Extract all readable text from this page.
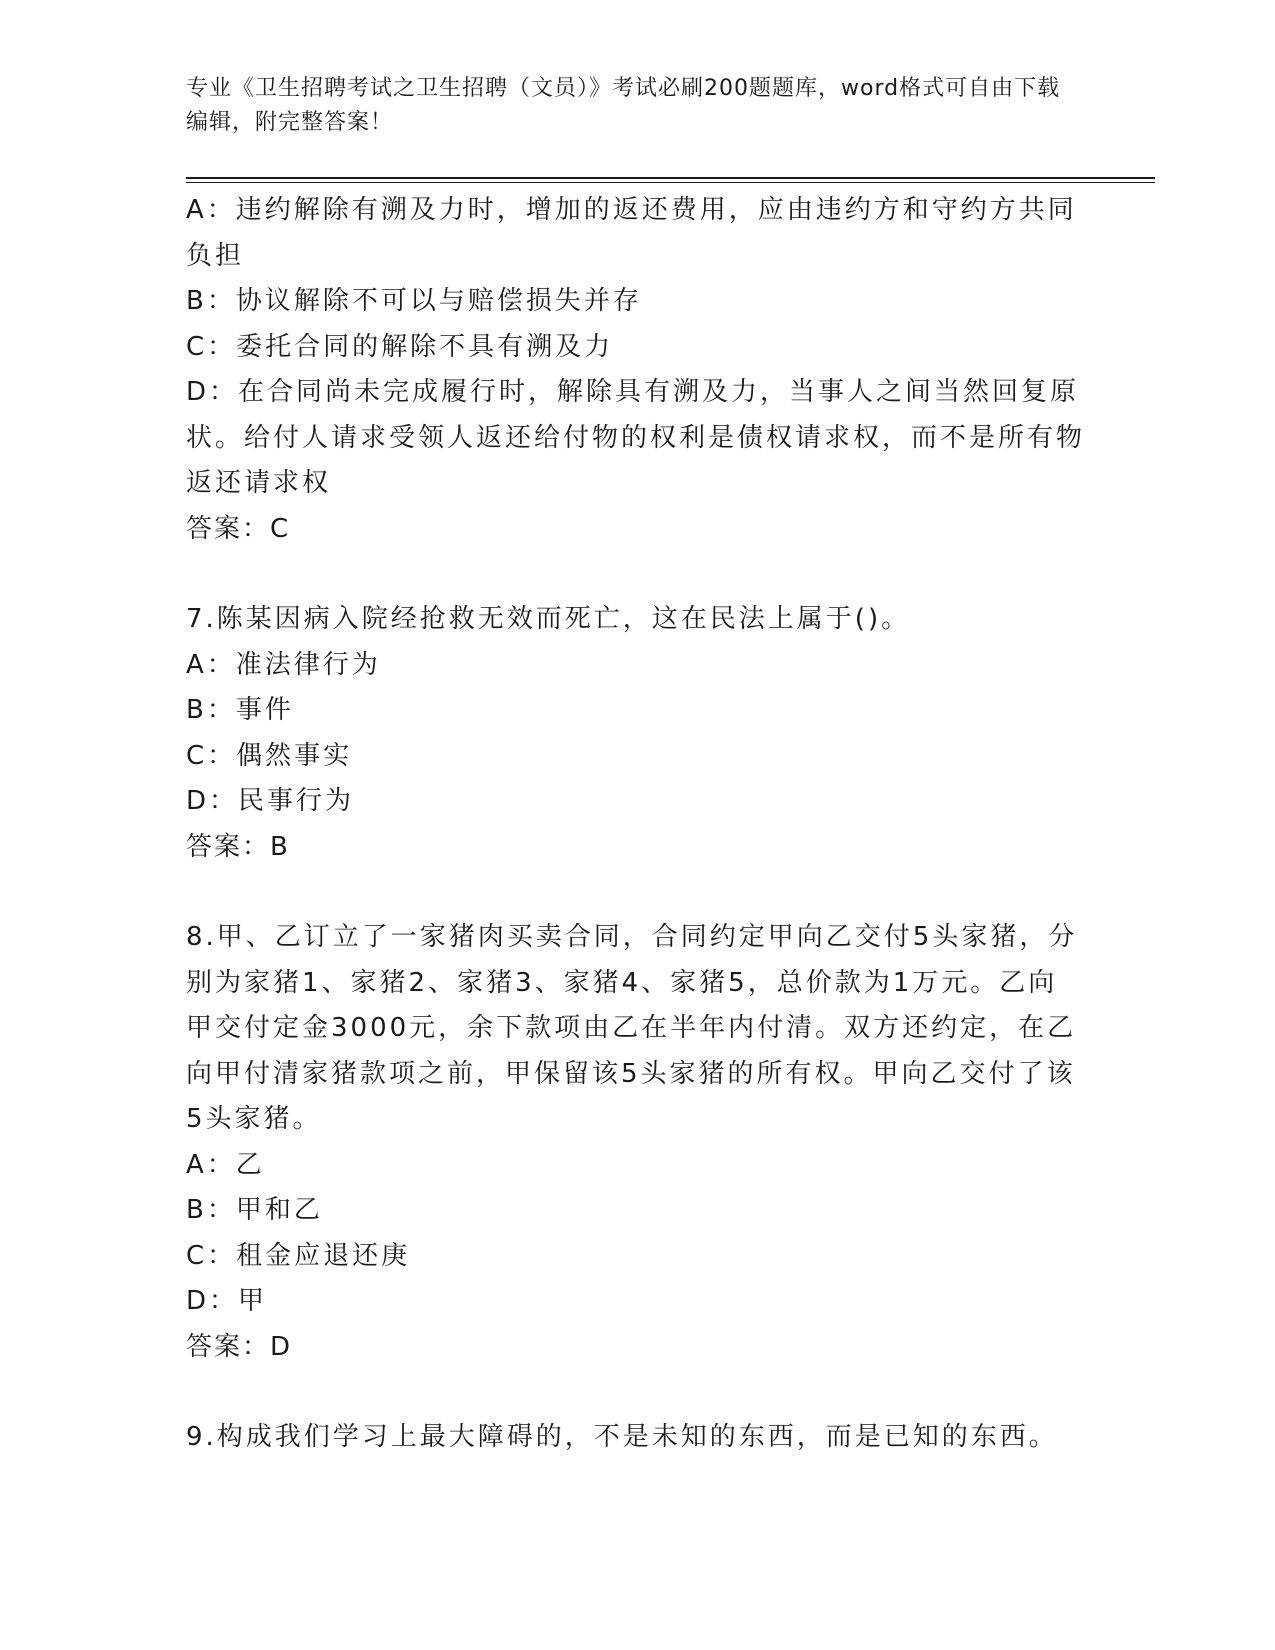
专业《卫生招聘考试之卫生招聘（文员）》考试必刷200题题库，word格式可自由下载编辑，附完整答案！

A：违约解除有溯及力时，增加的返还费用，应由违约方和守约方共同负担

B：协议解除不可以与赔偿损失并存

C：委托合同的解除不具有溯及力

D：在合同尚未完成履行时，解除具有溯及力，当事人之间当然回复原状。给付人请求受领人返还给付物的权利是债权请求权，而不是所有物返还请求权

答案：C

7.陈某因病入院经抢救无效而死亡，这在民法上属于()。

A：准法律行为

B：事件

C：偶然事实

D：民事行为

答案：B

8.甲、乙订立了一家猪肉买卖合同，合同约定甲向乙交付5头家猪，分别为家猪1、家猪2、家猪3、家猪4、家猪5，总价款为1万元。乙向甲交付定金3000元，余下款项由乙在半年内付清。双方还约定，在乙向甲付清家猪款项之前，甲保留该5头家猪的所有权。甲向乙交付了该5头家猪。

A：乙

B：甲和乙

C：租金应退还庚

D：甲

答案：D

9.构成我们学习上最大障碍的，不是未知的东西，而是已知的东西。
